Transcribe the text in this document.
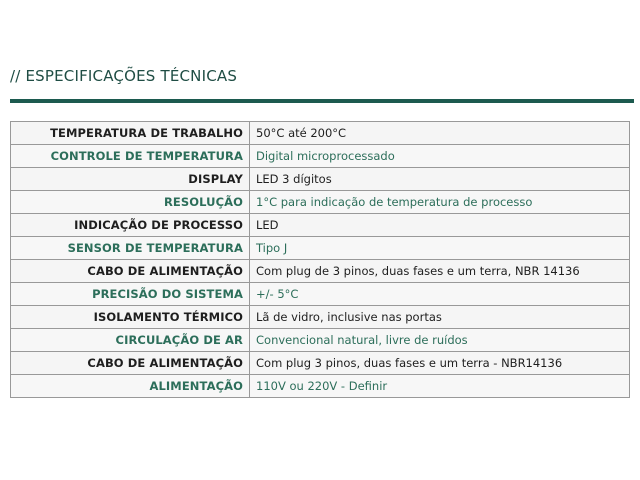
// ESPECIFICAÇÕES TÉCNICAS
TEMPERATURA DE TRABALHO	50°C até 200°C
CONTROLE DE TEMPERATURA	Digital microprocessado
DISPLAY	LED 3 dígitos
RESOLUÇÃO	1°C para indicação de temperatura de processo
INDICAÇÃO DE PROCESSO	LED
SENSOR DE TEMPERATURA	Tipo J
CABO DE ALIMENTAÇÃO	Com plug de 3 pinos, duas fases e um terra, NBR 14136
PRECISÃO DO SISTEMA	+/- 5°C
ISOLAMENTO TÉRMICO	Lã de vidro, inclusive nas portas
CIRCULAÇÃO DE AR	Convencional natural, livre de ruídos
CABO DE ALIMENTAÇÃO	Com plug 3 pinos, duas fases e um terra - NBR14136
ALIMENTAÇÃO	110V ou 220V - Definir
